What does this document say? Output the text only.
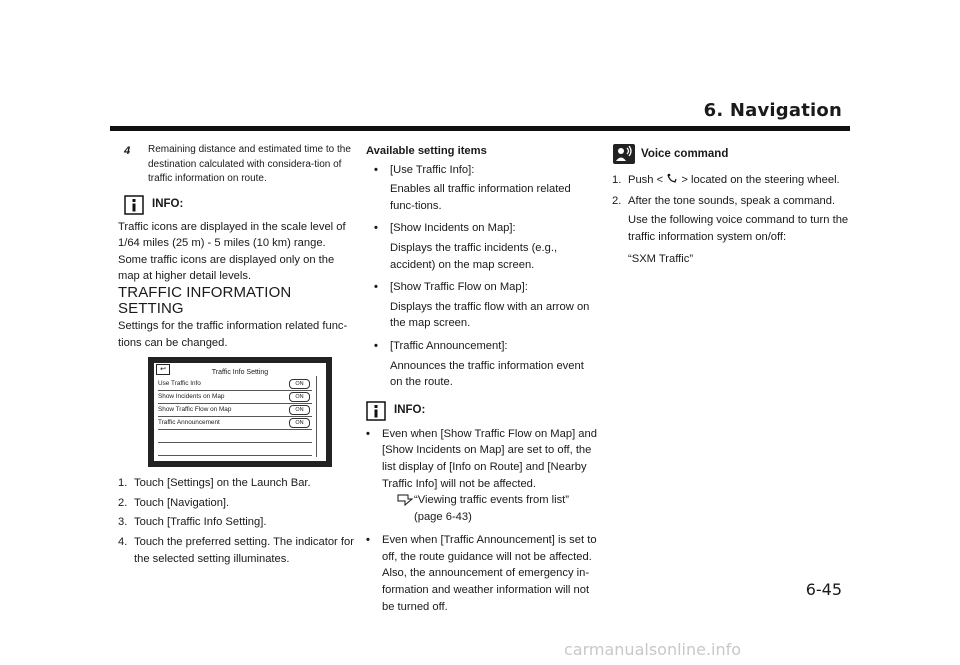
6. Navigation
4	Remaining distance and estimated time to the destination calculated with considera-tion of traffic information on route.
INFO:

Traffic icons are displayed in the scale level of 1/64 miles (25 m) - 5 miles (10 km) range. Some traffic icons are displayed only on the map at higher detail levels.

TRAFFIC INFORMATION SETTING

Settings for the traffic information related func-tions can be changed.

↩	Traffic Info Setting
Use Traffic Info	ON
Show Incidents on Map	ON
Show Traffic Flow on Map	ON
Traffic Announcement	ON
1. Touch [Settings] on the Launch Bar.
2. Touch [Navigation].
3. Touch [Traffic Info Setting].
4. Touch the preferred setting. The indicator for the selected setting illuminates.

Available setting items

•	[Use Traffic Info]:

Enables all traffic information related func-tions.

•	[Show Incidents on Map]:

Displays the traffic incidents (e.g., accident) on the map screen.

•	[Show Traffic Flow on Map]:

Displays the traffic flow with an arrow on the map screen.

•	[Traffic Announcement]:

Announces the traffic information event on the route.

INFO:
•	Even when [Show Traffic Flow on Map] and [Show Incidents on Map] are set to off, the list display of [Info on Route] and [Nearby Traffic Info] will not be affected.

“Viewing traffic events from list”

(page 6-43)

•	Even when [Traffic Announcement] is set to off, the route guidance will not be affected. Also, the announcement of emergency in-formation and weather information will not be turned off.

Voice command
1. Push < > located on the steering wheel.
2. After the tone sounds, speak a command.

Use the following voice command to turn the traffic information system on/off:

“SXM Traffic”

6-45
carmanualsonline.info
